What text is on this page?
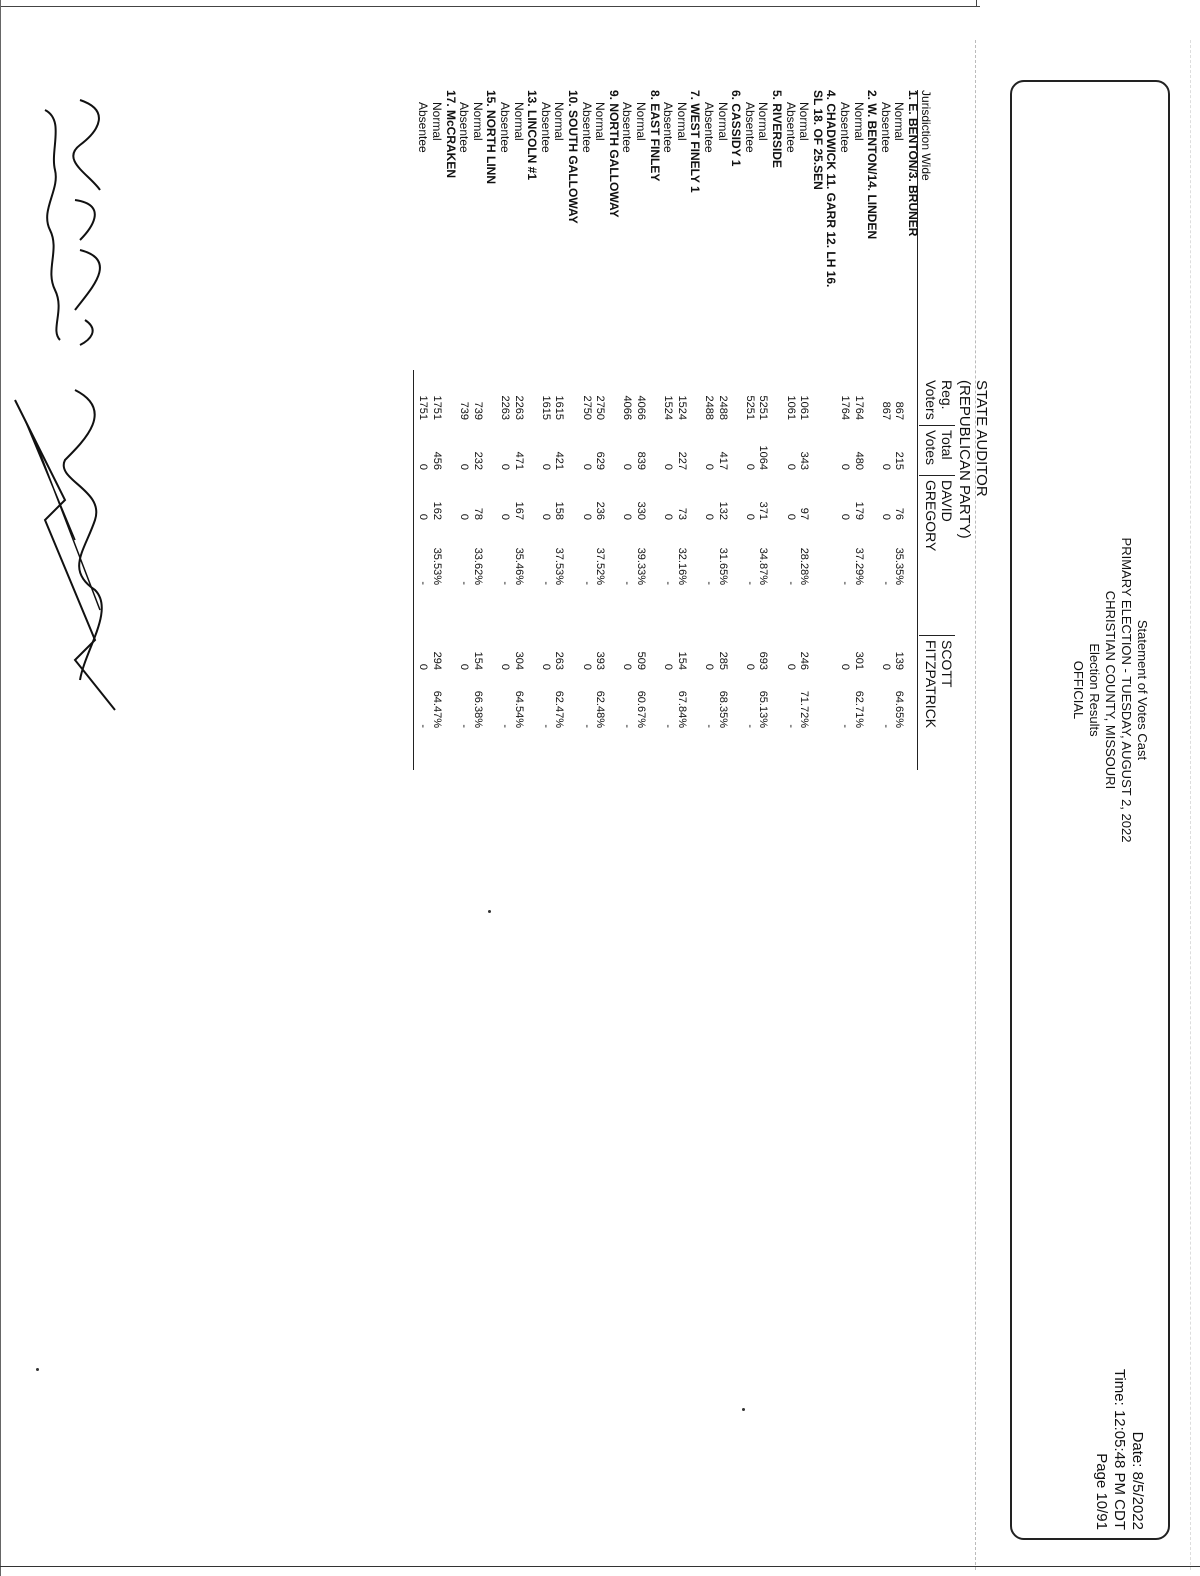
Statement of Votes Cast
PRIMARY ELECTION - TUESDAY, AUGUST 2, 2022
CHRISTIAN COUNTY, MISSOURI
Election Results
OFFICIAL
Date: 8/5/2022
Time: 12:05:48 PM CDT
Page 10/91
STATE AUDITOR
(REPUBLICAN PARTY)
Reg.
Voters
Total
Votes
DAVID
GREGORY
SCOTT
FITZPATRICK
Jurisdiction Wide
1. E. BENTON/3. BRUNER
Normal
867
215
76
35.35%
139
64.65%
Absentee
867
0
0
-
0
-
2. W. BENTON/14. LINDEN
Normal
1764
480
179
37.29%
301
62.71%
Absentee
1764
0
0
-
0
-
4. CHADWICK 11. GARR 12. LH 16.
SL 18. OF 25.SEN
Normal
1061
343
97
28.28%
246
71.72%
Absentee
1061
0
0
-
0
-
5. RIVERSIDE
Normal
5251
1064
371
34.87%
693
65.13%
Absentee
5251
0
0
-
0
-
6. CASSIDY 1
Normal
2488
417
132
31.65%
285
68.35%
Absentee
2488
0
0
-
0
-
7. WEST FINELY 1
Normal
1524
227
73
32.16%
154
67.84%
Absentee
1524
0
0
-
0
-
8. EAST FINLEY
Normal
4066
839
330
39.33%
509
60.67%
Absentee
4066
0
0
-
0
-
9. NORTH GALLOWAY
Normal
2750
629
236
37.52%
393
62.48%
Absentee
2750
0
0
-
0
-
10. SOUTH GALLOWAY
Normal
1615
421
158
37.53%
263
62.47%
Absentee
1615
0
0
-
0
-
13. LINCOLN #1
Normal
2263
471
167
35.46%
304
64.54%
Absentee
2263
0
0
-
0
-
15. NORTH LINN
Normal
739
232
78
33.62%
154
66.38%
Absentee
739
0
0
-
0
-
17. McCRAKEN
Normal
1751
456
162
35.53%
294
64.47%
Absentee
1751
0
0
-
0
-
